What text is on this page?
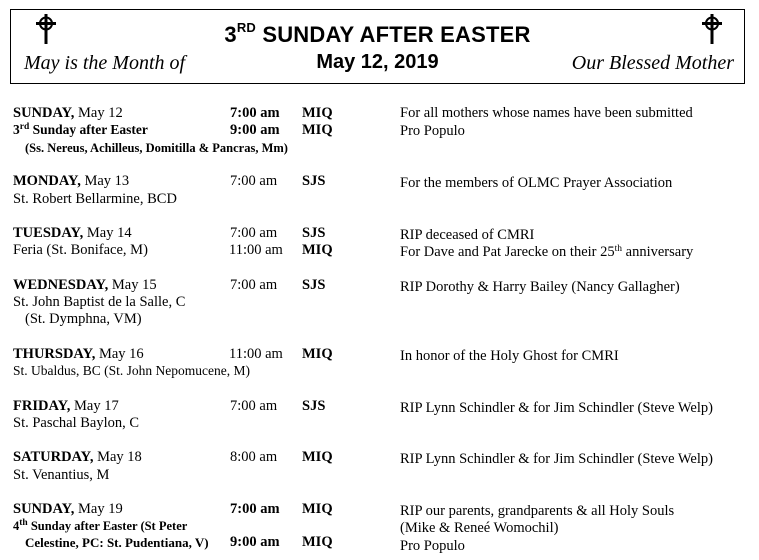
3RD SUNDAY AFTER EASTER
May is the Month of	May 12, 2019	Our Blessed Mother
SUNDAY, May 12
3rd Sunday after Easter
(Ss. Nereus, Achilleus, Domitilla & Pancras, Mm)
7:00 am MIQ	For all mothers whose names have been submitted
9:00 am MIQ	Pro Populo
MONDAY, May 13
St. Robert Bellarmine, BCD
7:00 am SJS	For the members of OLMC Prayer Association
TUESDAY, May 14
Feria (St. Boniface, M)
7:00 am SJS	RIP deceased of CMRI
11:00 am MIQ	For Dave and Pat Jarecke on their 25th anniversary
WEDNESDAY, May 15
St. John Baptist de la Salle, C
(St. Dymphna, VM)
7:00 am SJS	RIP Dorothy & Harry Bailey (Nancy Gallagher)
THURSDAY, May 16
St. Ubaldus, BC (St. John Nepomucene, M)
11:00 am MIQ	In honor of the Holy Ghost for CMRI
FRIDAY, May 17
St. Paschal Baylon, C
7:00 am SJS	RIP Lynn Schindler & for Jim Schindler (Steve Welp)
SATURDAY, May 18
St. Venantius, M
8:00 am MIQ	RIP Lynn Schindler & for Jim Schindler (Steve Welp)
SUNDAY, May 19
4th Sunday after Easter (St Peter
Celestine, PC: St. Pudentiana, V)
7:00 am MIQ	RIP our parents, grandparents & all Holy Souls
(Mike & Reneé Womochil)
9:00 am MIQ	Pro Populo
